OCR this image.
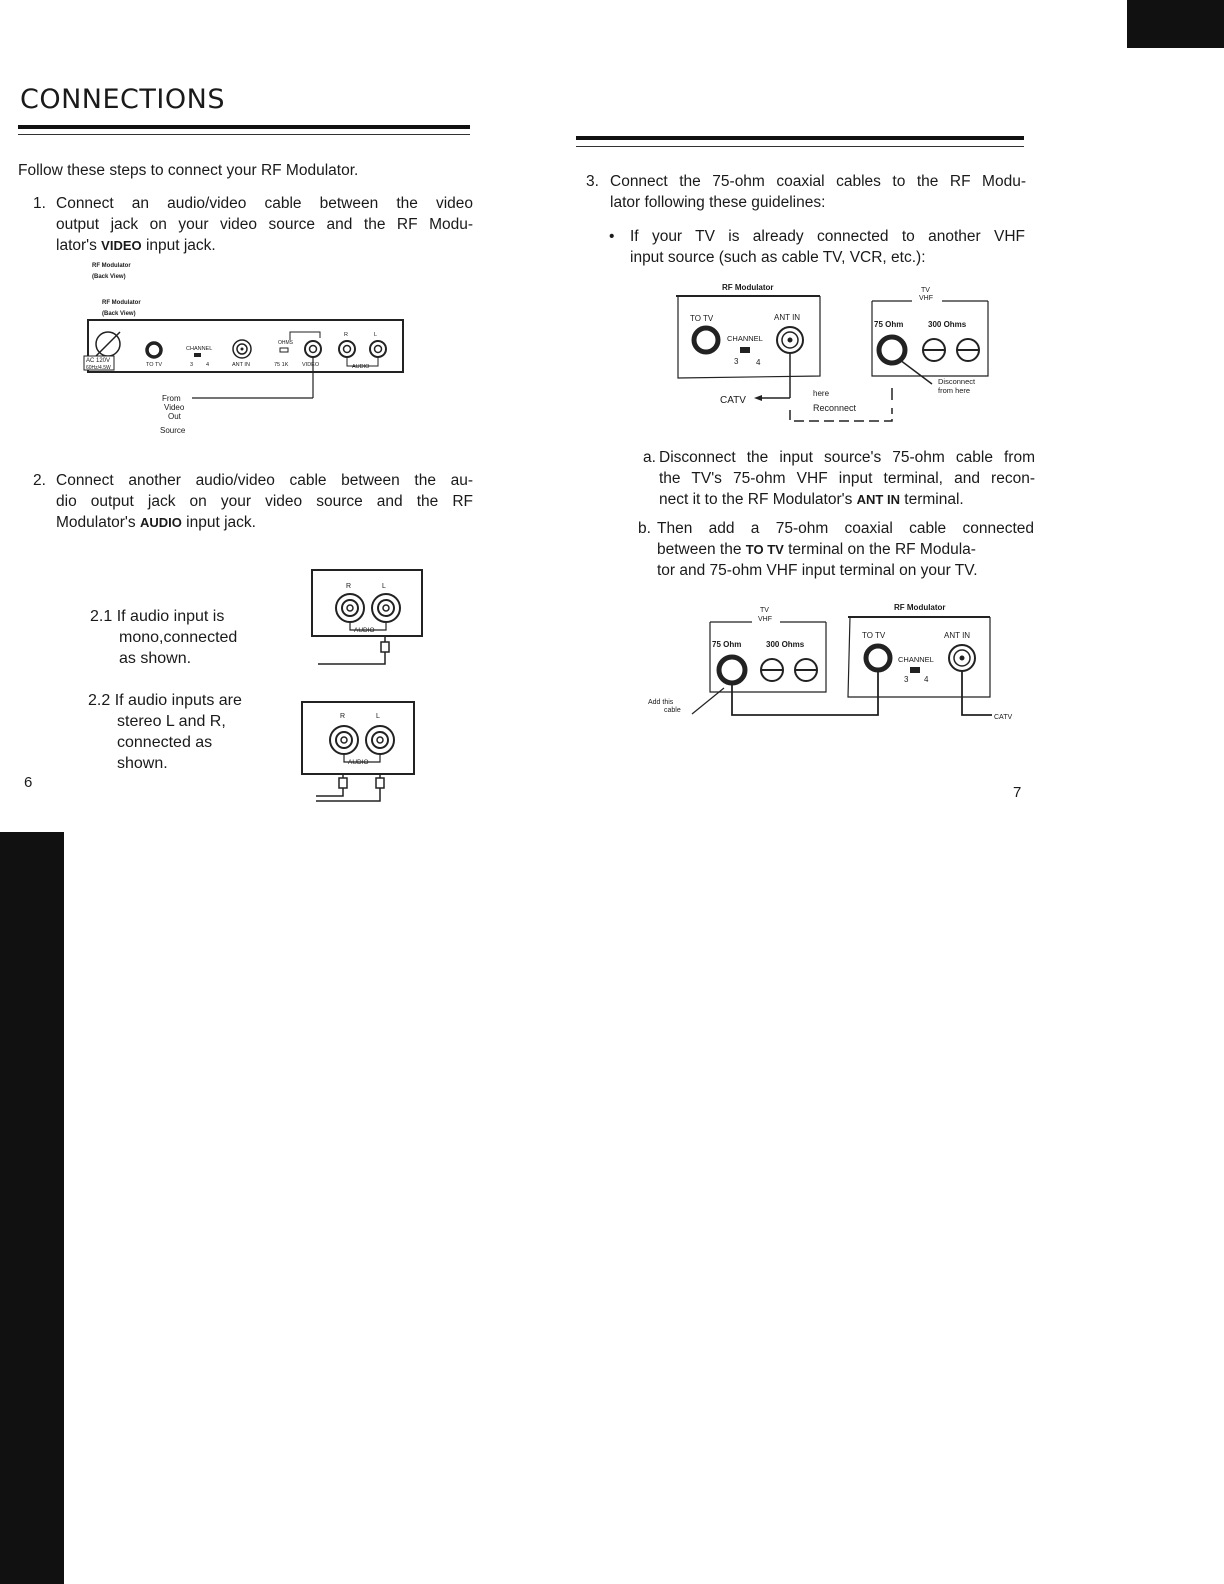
CONNECTIONS
Follow these steps to connect your RF Modulator.
1. Connect an audio/video cable between the video
output jack on your video source and the RF Modu-
lator's VIDEO input jack.
RF Modulator
(Back View)
RF Modulator
(Back View)
AC 120V
60Hz/4.5W	TO TV
CHANNEL
3 4	ANT IN
OHMS
75 1K VIDEO
R	L
AUDIO
From
Video
Out
Source
2. Connect another audio/video cable between the au-
dio output jack on your video source and the RF
Modulator's AUDIO input jack.
2.1 If audio input is
mono,connected
as shown.
R	L
AUDIO
2.2 If audio inputs are
stereo L and R,
connected as
shown.
R	L
AUDIO
6
3. Connect the 75-ohm coaxial cables to the RF Modu-
lator following these guidelines:
• If your TV is already connected to another VHF
input source (such as cable TV, VCR, etc.):
RF Modulator
TO TV	ANT IN
CHANNEL
3 4
CATV
here
Reconnect
TV
VHF
75 Ohm	300 Ohms
Disconnect
from here
a. Disconnect the input source's 75-ohm cable from
the TV's 75-ohm VHF input terminal, and recon-
nect it to the RF Modulator's ANT IN terminal.
b. Then add a 75-ohm coaxial cable connected
between the TO TV terminal on the RF Modula-
tor and 75-ohm VHF input terminal on your TV.
TV
VHF
75 Ohm	300 Ohms
RF Modulator
TO TV	ANT IN
CHANNEL
3 4
CATV
Add this
cable
7
